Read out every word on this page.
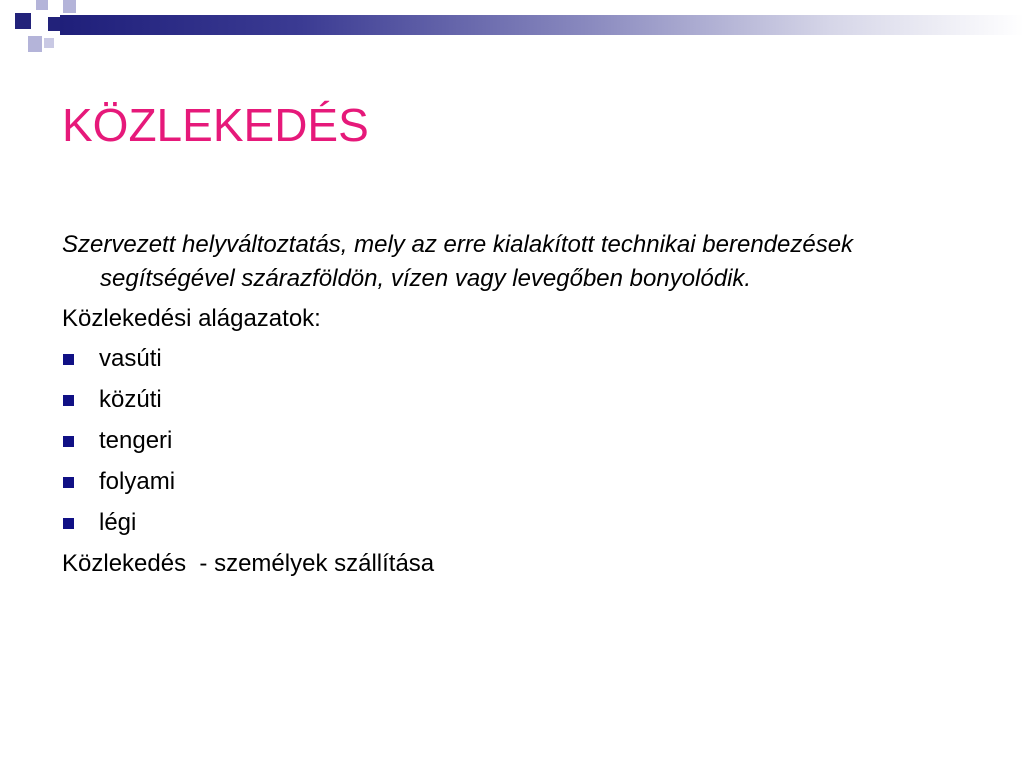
KÖZLEKEDÉS

Szervezett helyváltoztatás, mely az erre kialakított technikai berendezések segítségével szárazföldön, vízen vagy levegőben bonyolódik.

Közlekedési alágazatok:

vasúti
közúti
tengeri
folyami
légi

Közlekedés  - személyek szállítása
